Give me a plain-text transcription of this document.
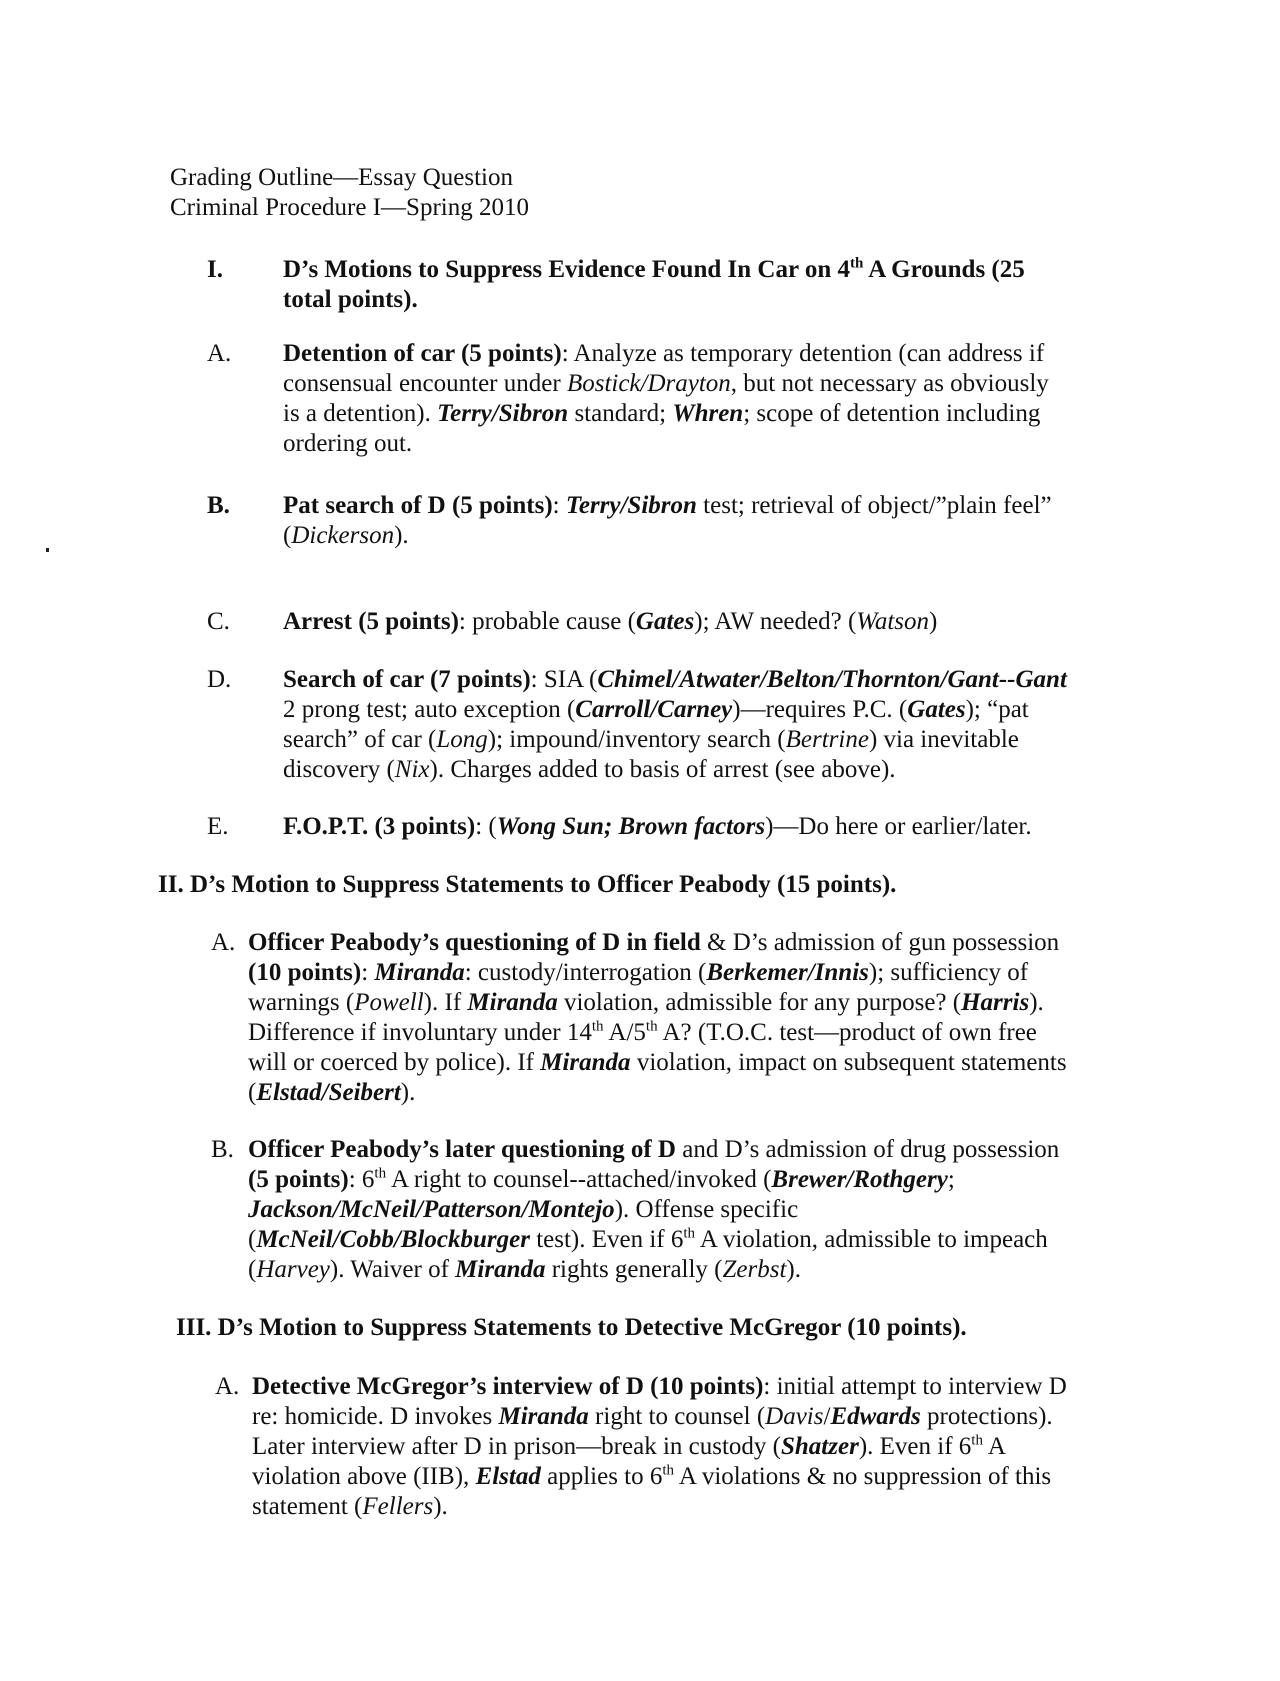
Grading Outline—Essay Question
Criminal Procedure I—Spring 2010
I. D’s Motions to Suppress Evidence Found In Car on 4th A Grounds (25 total points).
A. Detention of car (5 points): Analyze as temporary detention (can address if consensual encounter under Bostick/Drayton, but not necessary as obviously is a detention). Terry/Sibron standard; Whren; scope of detention including ordering out.
B. Pat search of D (5 points): Terry/Sibron test; retrieval of object/”plain feel” (Dickerson).
C. Arrest (5 points): probable cause (Gates); AW needed? (Watson)
D. Search of car (7 points): SIA (Chimel/Atwater/Belton/Thornton/Gant--Gant 2 prong test; auto exception (Carroll/Carney)—requires P.C. (Gates); “pat search” of car (Long); impound/inventory search (Bertrine) via inevitable discovery (Nix). Charges added to basis of arrest (see above).
E. F.O.P.T. (3 points): (Wong Sun; Brown factors)—Do here or earlier/later.
II. D’s Motion to Suppress Statements to Officer Peabody (15 points).
A. Officer Peabody’s questioning of D in field & D’s admission of gun possession (10 points): Miranda: custody/interrogation (Berkemer/Innis); sufficiency of warnings (Powell). If Miranda violation, admissible for any purpose? (Harris). Difference if involuntary under 14th A/5th A? (T.O.C. test—product of own free will or coerced by police). If Miranda violation, impact on subsequent statements (Elstad/Seibert).
B. Officer Peabody’s later questioning of D and D’s admission of drug possession (5 points): 6th A right to counsel--attached/invoked (Brewer/Rothgery; Jackson/McNeil/Patterson/Montejo). Offense specific (McNeil/Cobb/Blockburger test). Even if 6th A violation, admissible to impeach (Harvey). Waiver of Miranda rights generally (Zerbst).
III. D’s Motion to Suppress Statements to Detective McGregor (10 points).
A. Detective McGregor’s interview of D (10 points): initial attempt to interview D re: homicide. D invokes Miranda right to counsel (Davis/Edwards protections). Later interview after D in prison—break in custody (Shatzer). Even if 6th A violation above (IIB), Elstad applies to 6th A violations & no suppression of this statement (Fellers).
